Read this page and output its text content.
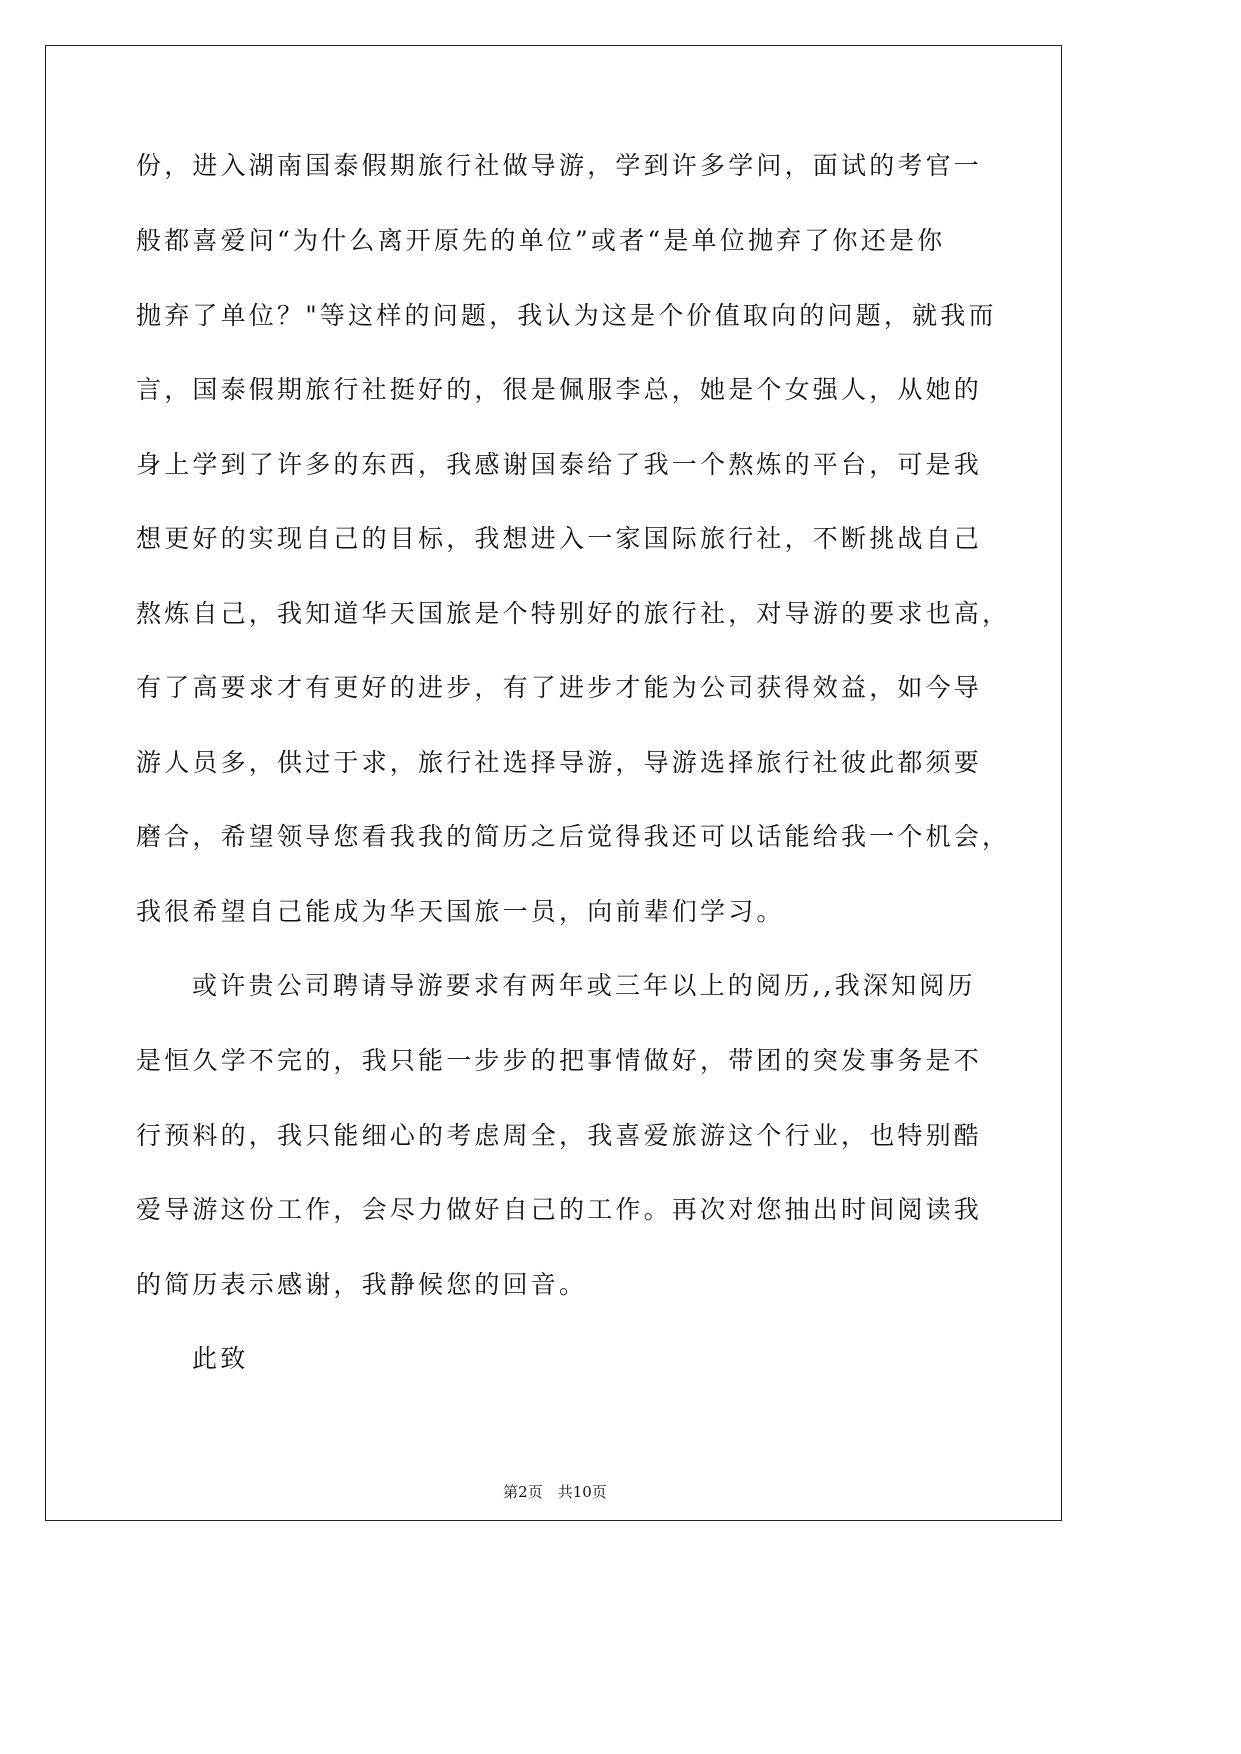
份，进入湖南国泰假期旅行社做导游，学到许多学问，面试的考官一
般都喜爱问“为什么离开原先的单位”或者“是单位抛弃了你还是你
抛弃了单位？"等这样的问题，我认为这是个价值取向的问题，就我而
言，国泰假期旅行社挺好的，很是佩服李总，她是个女强人，从她的
身上学到了许多的东西，我感谢国泰给了我一个熬炼的平台，可是我
想更好的实现自己的目标，我想进入一家国际旅行社，不断挑战自己
熬炼自己，我知道华天国旅是个特别好的旅行社，对导游的要求也高，
有了高要求才有更好的进步，有了进步才能为公司获得效益，如今导
游人员多，供过于求，旅行社选择导游，导游选择旅行社彼此都须要
磨合，希望领导您看我我的简历之后觉得我还可以话能给我一个机会，
我很希望自己能成为华天国旅一员，向前辈们学习。
或许贵公司聘请导游要求有两年或三年以上的阅历,,我深知阅历
是恒久学不完的，我只能一步步的把事情做好，带团的突发事务是不
行预料的，我只能细心的考虑周全，我喜爱旅游这个行业，也特别酷
爱导游这份工作，会尽力做好自己的工作。再次对您抽出时间阅读我
的简历表示感谢，我静候您的回音。
此致
第2页　共10页
